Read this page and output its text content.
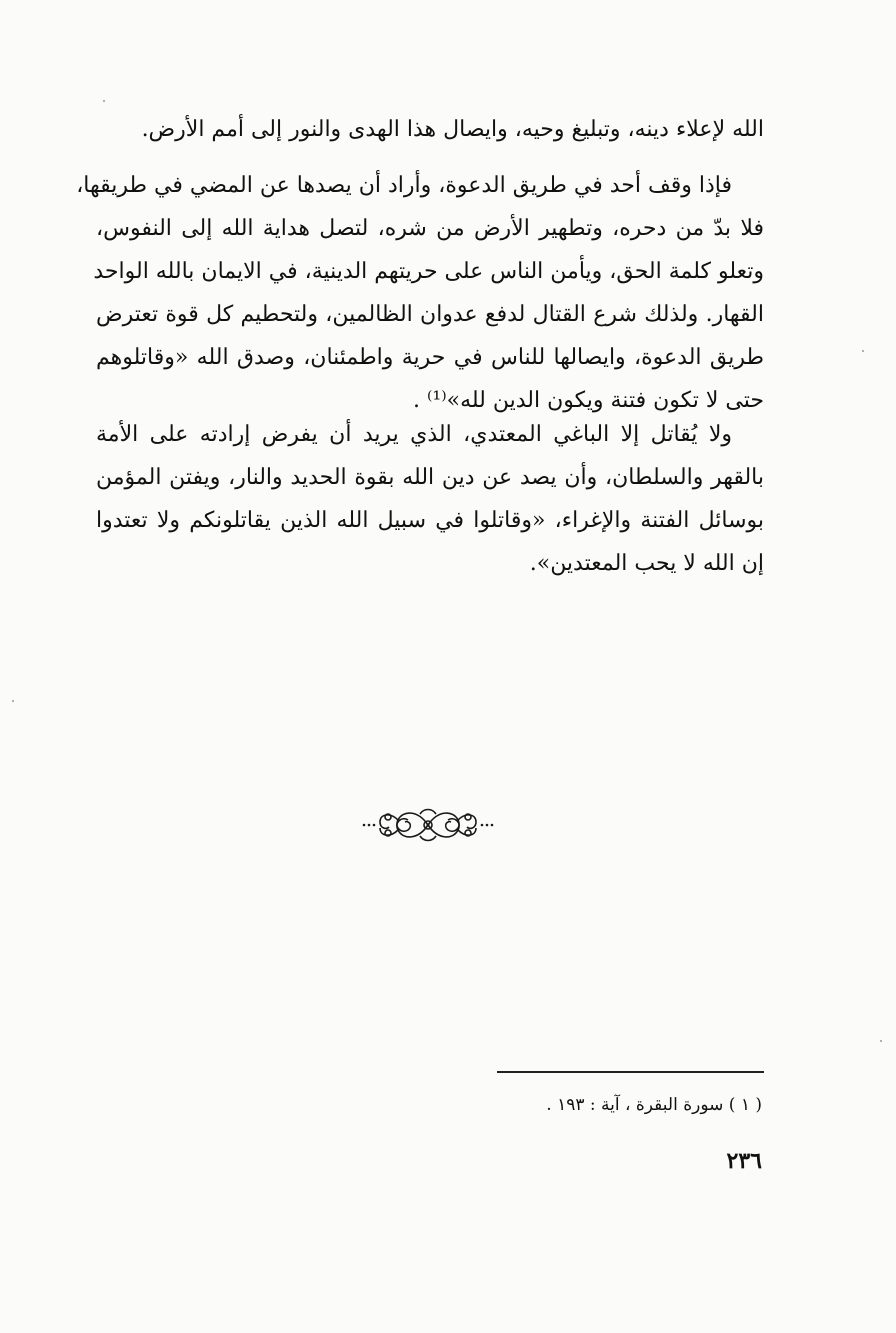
الله لإعلاء دينه، وتبليغ وحيه، وايصال هذا الهدى والنور إلى أمم الأرض.
فإذا وقف أحد في طريق الدعوة، وأراد أن يصدها عن المضي في طريقها،
فلا بدّ من دحره، وتطهير الأرض من شره، لتصل هداية الله إلى النفوس،
وتعلو كلمة الحق، ويأمن الناس على حريتهم الدينية، في الايمان بالله الواحد
القهار. ولذلك شرع القتال لدفع عدوان الظالمين، ولتحطيم كل قوة تعترض
طريق الدعوة، وايصالها للناس في حرية واطمئنان، وصدق الله «وقاتلوهم
حتى لا تكون فتنة ويكون الدين لله»⁽¹⁾ .
ولا يُقاتل إلا الباغي المعتدي، الذي يريد أن يفرض إرادته على الأمة
بالقهر والسلطان، وأن يصد عن دين الله بقوة الحديد والنار، ويفتن المؤمن
بوسائل الفتنة والإغراء، «وقاتلوا في سبيل الله الذين يقاتلونكم ولا تعتدوا
إن الله لا يحب المعتدين».
( ١ ) سورة البقرة ، آية : ١٩٣ .
٢٣٦
